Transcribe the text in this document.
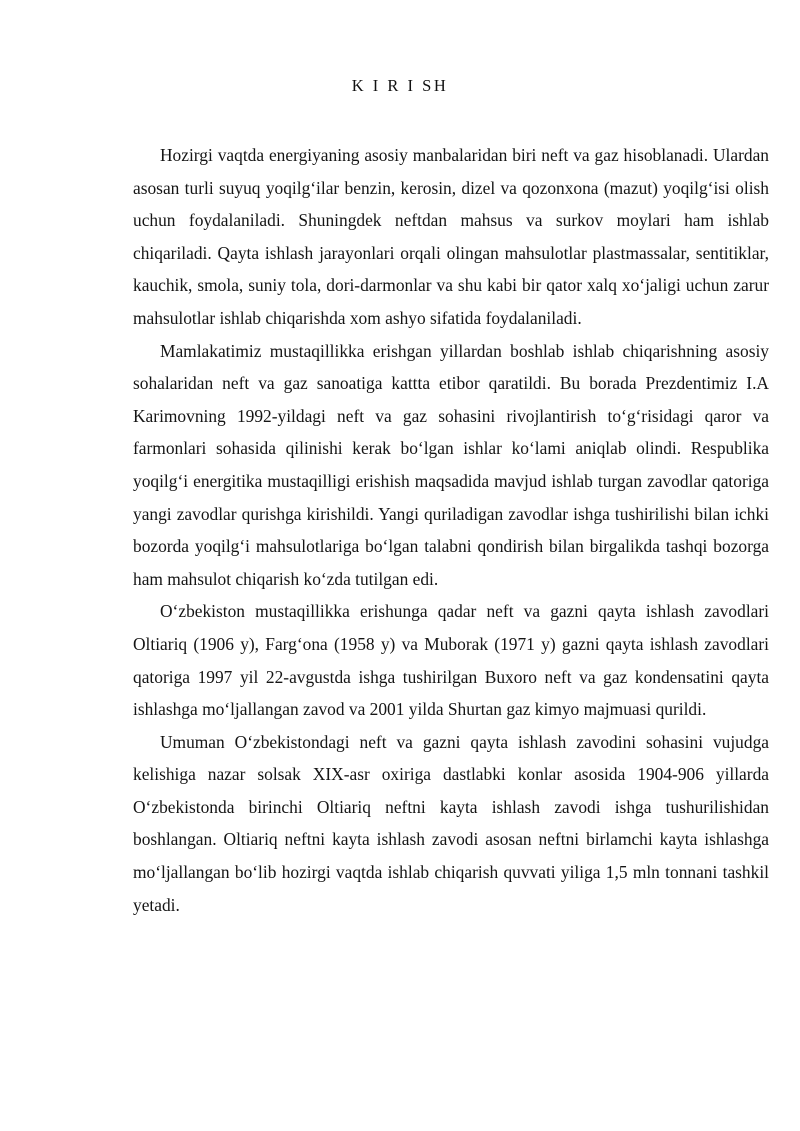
K I R I SH

Hozirgi vaqtda energiyaning asosiy manbalaridan biri neft va gaz hisoblanadi. Ulardan asosan turli suyuq yoqilg‘ilar benzin, kerosin, dizel va qozonxona (mazut) yoqilg‘isi olish uchun foydalaniladi. Shuningdek neftdan mahsus va surkov moylari ham ishlab chiqariladi. Qayta ishlash jarayonlari orqali olingan mahsulotlar plastmassalar, sentitiklar, kauchik, smola, suniy tola, dori-darmonlar va shu kabi bir qator xalq xo‘jaligi uchun zarur mahsulotlar ishlab chiqarishda xom ashyo sifatida foydalaniladi.

Mamlakatimiz mustaqillikka erishgan yillardan boshlab ishlab chiqarishning asosiy sohalaridan neft va gaz sanoatiga kattta etibor qaratildi. Bu borada Prezdentimiz I.A Karimovning 1992-yildagi neft va gaz sohasini rivojlantirish to‘g‘risidagi qaror va farmonlari sohasida qilinishi kerak bo‘lgan ishlar ko‘lami aniqlab olindi. Respublika yoqilg‘i energitika mustaqilligi erishish maqsadida mavjud ishlab turgan zavodlar qatoriga yangi zavodlar qurishga kirishildi. Yangi quriladigan zavodlar ishga tushirilishi bilan ichki bozorda yoqilg‘i mahsulotlariga bo‘lgan talabni qondirish bilan birgalikda tashqi bozorga ham mahsulot chiqarish ko‘zda tutilgan edi.

O‘zbekiston mustaqillikka erishunga qadar neft va gazni qayta ishlash zavodlari Oltiariq (1906 y), Farg‘ona (1958 y) va Muborak (1971 y) gazni qayta ishlash zavodlari qatoriga 1997 yil 22-avgustda ishga tushirilgan Buxoro neft va gaz kondensatini qayta ishlashga mo‘ljallangan zavod va 2001 yilda Shurtan gaz kimyo majmuasi qurildi.

Umuman O‘zbekistondagi neft va gazni qayta ishlash zavodini sohasini vujudga kelishiga nazar solsak XIX-asr oxiriga dastlabki konlar asosida 1904-906 yillarda O‘zbekistonda birinchi Oltiariq neftni kayta ishlash zavodi ishga tushurilishidan boshlangan. Oltiariq neftni kayta ishlash zavodi asosan neftni birlamchi kayta ishlashga mo‘ljallangan bo‘lib hozirgi vaqtda ishlab chiqarish quvvati yiliga 1,5 mln tonnani tashkil yetadi.
